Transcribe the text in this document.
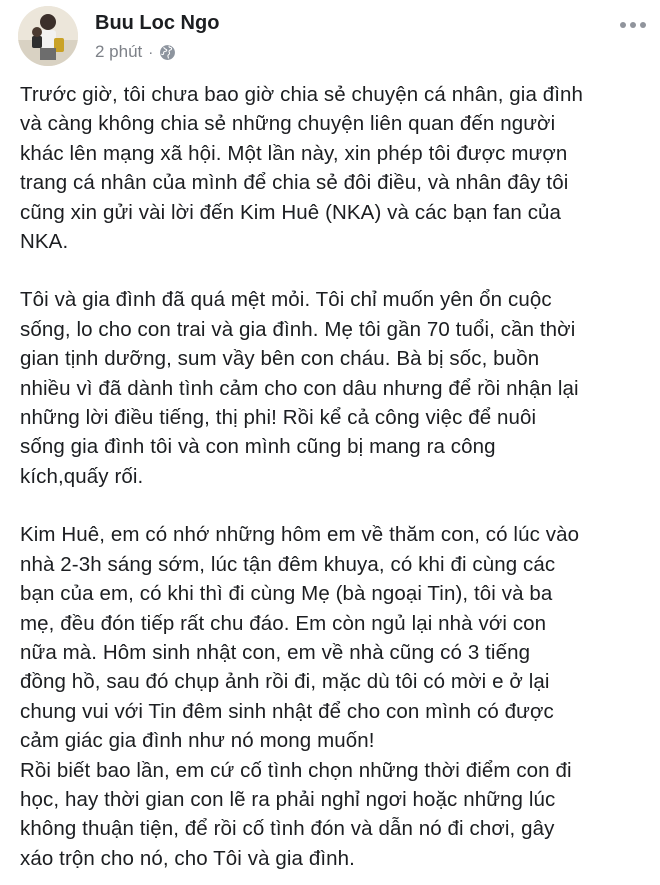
Buu Loc Ngo
2 phút ·

Trước giờ, tôi chưa bao giờ chia sẻ chuyện cá nhân, gia đình
và càng không chia sẻ những chuyện liên quan đến người
khác lên mạng xã hội. Một lần này, xin phép tôi được mượn
trang cá nhân của mình để chia sẻ đôi điều, và nhân đây tôi
cũng xin gửi vài lời đến Kim Huê (NKA) và các bạn fan của
NKA.

Tôi và gia đình đã quá mệt mỏi. Tôi chỉ muốn yên ổn cuộc
sống, lo cho con trai và gia đình. Mẹ tôi gần 70 tuổi, cần thời
gian tịnh dưỡng, sum vầy bên con cháu. Bà bị sốc, buồn
nhiều vì đã dành tình cảm cho con dâu nhưng để rồi nhận lại
những lời điều tiếng, thị phi! Rồi kể cả công việc để nuôi
sống gia đình tôi và con mình cũng bị mang ra công
kích,quấy rối.

Kim Huê, em có nhớ những hôm em về thăm con, có lúc vào
nhà 2-3h sáng sớm, lúc tận đêm khuya, có khi đi cùng các
bạn của em, có khi thì đi cùng Mẹ (bà ngoại Tin), tôi và ba
mẹ, đều đón tiếp rất chu đáo. Em còn ngủ lại nhà với con
nữa mà. Hôm sinh nhật con, em về nhà cũng có 3 tiếng
đồng hồ, sau đó chụp ảnh rồi đi, mặc dù tôi có mời e ở lại
chung vui với Tin đêm sinh nhật để cho con mình có được
cảm giác gia đình như nó mong muốn!

Rồi biết bao lần, em cứ cố tình chọn những thời điểm con đi
học, hay thời gian con lẽ ra phải nghỉ ngơi hoặc những lúc
không thuận tiện, để rồi cố tình đón và dẫn nó đi chơi, gây
xáo trộn cho nó, cho Tôi và gia đình.
